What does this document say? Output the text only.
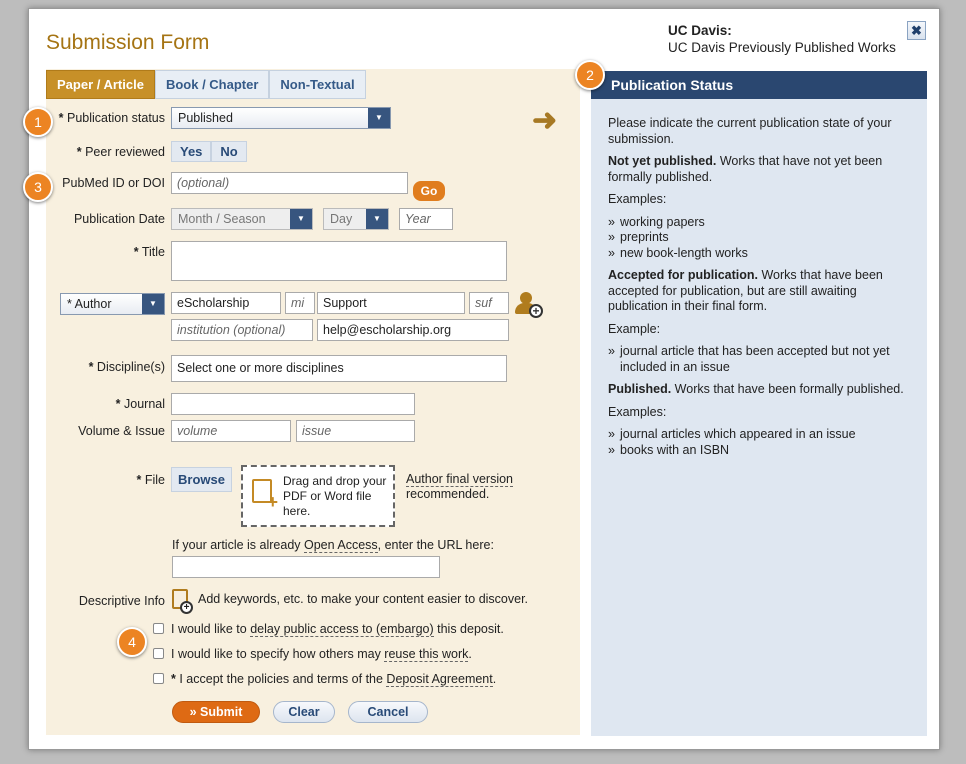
Submission Form
UC Davis:
UC Davis Previously Published Works
✖
Paper / Article	Book / Chapter	Non-Textual
* Publication status	Published	▼
* Peer reviewed	Yes	No
PubMed ID or DOI (optional)
Go
Publication Date	Month / Season	▼	Day	▼	Year
* Title
* Author	▼	eScholarship	mi	Support	suf
+
institution (optional)	help@escholarship.org
* Discipline(s) Select one or more disciplines
* Journal
Volume & Issue volume	issue
* File	Browse
+	Drag and drop your PDF or Word file here.
Author final version
recommended.
If your article is already Open Access, enter the URL here:
Descriptive Info	+
Add keywords, etc. to make your content easier to discover.
I would like to delay public access to (embargo) this deposit.
I would like to specify how others may reuse this work.
* I accept the policies and terms of the Deposit Agreement.
» Submit	Clear	Cancel
➜
Publication Status

Please indicate the current publication state of your submission.

Not yet published. Works that have not yet been formally published.

Examples:

» working papers
» preprints
» new book-length works

Accepted for publication. Works that have been accepted for publication, but are still awaiting publication in their final form.

Example:

» journal article that has been accepted but not yet included in an issue

Published. Works that have been formally published.

Examples:

» journal articles which appeared in an issue
» books with an ISBN
1
2
3
4
